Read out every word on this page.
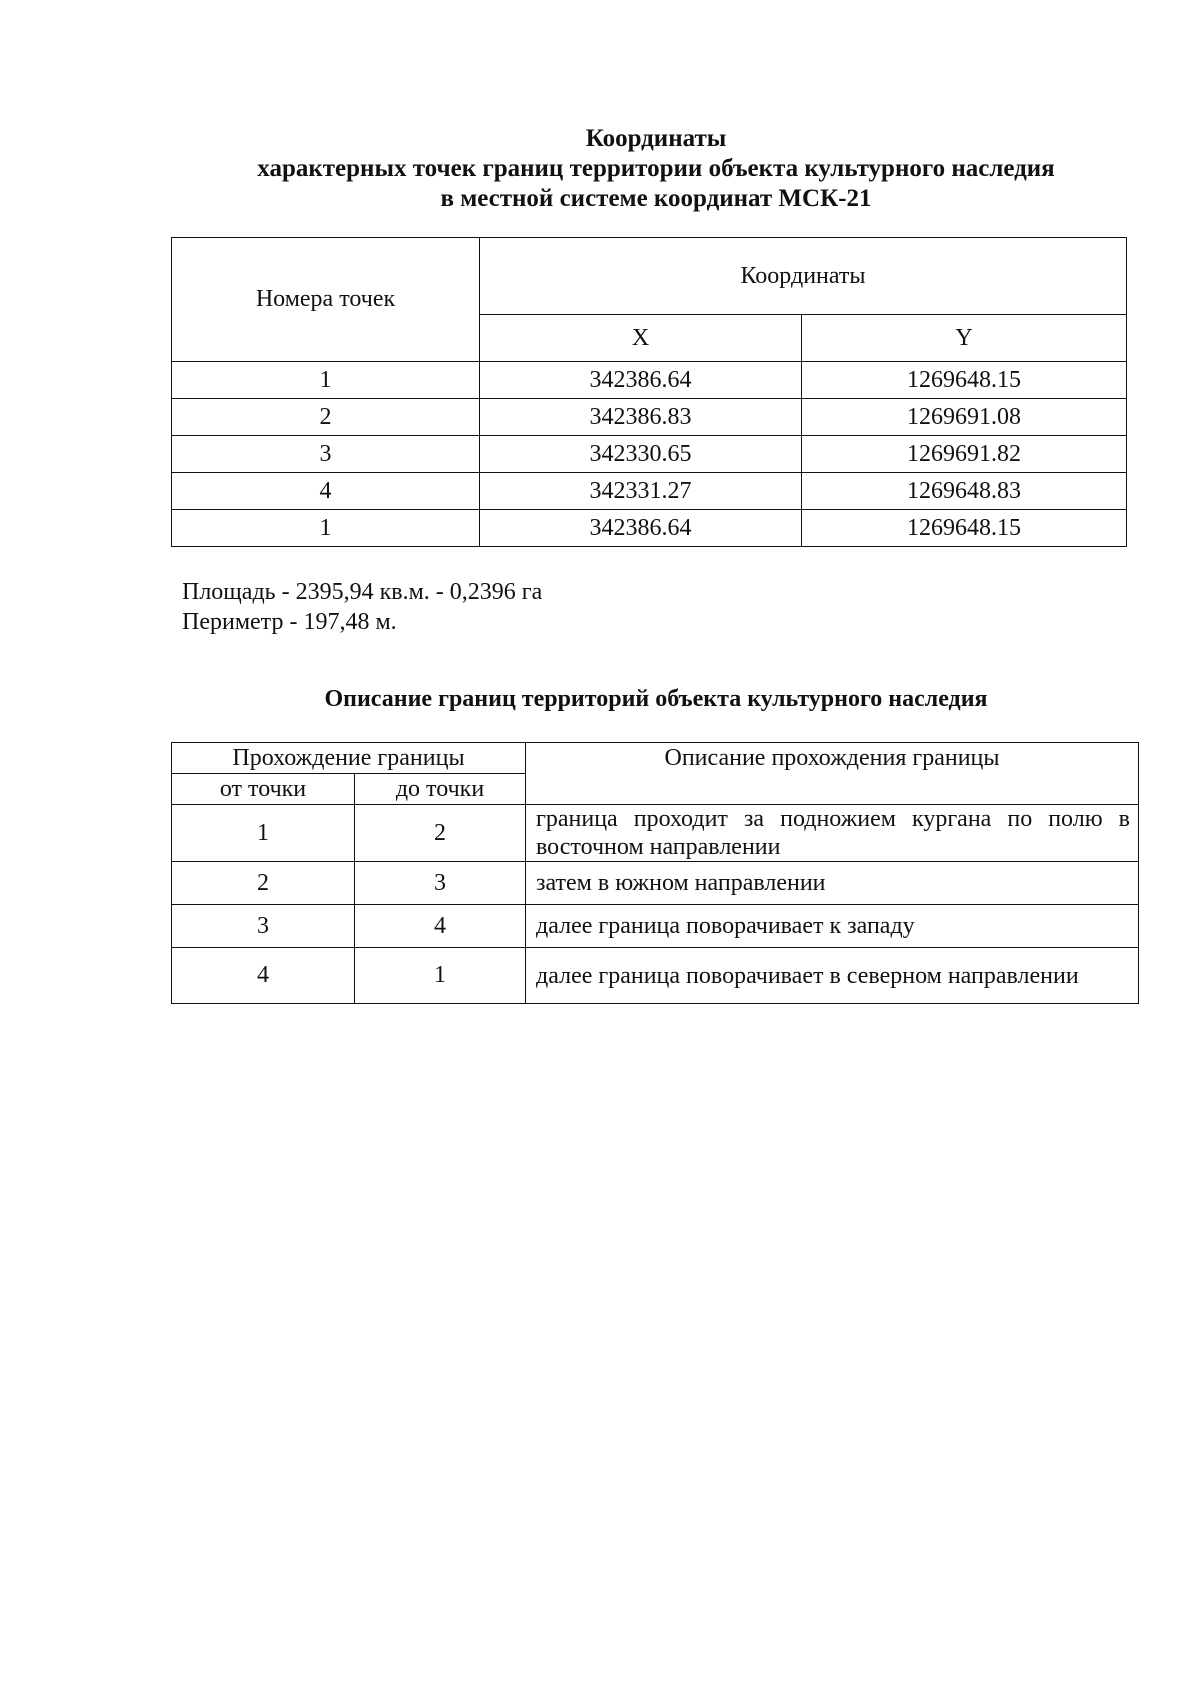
Координаты
характерных точек границ территории объекта культурного наследия
в местной системе координат МСК-21
Номера точек	Координаты	
	X	Y
1	342386.64	1269648.15
2	342386.83	1269691.08
3	342330.65	1269691.82
4	342331.27	1269648.83
1	342386.64	1269648.15
Площадь - 2395,94 кв.м. - 0,2396 га
Периметр - 197,48 м.
Описание границ территорий объекта культурного наследия
Прохождение границы		Описание прохождения границы
от точки	до точки	
1	2	граница проходит за подножием кургана по полю в восточном направлении
2	3	затем в южном направлении
3	4	далее граница поворачивает к западу
4	1	далее граница поворачивает в северном направлении
